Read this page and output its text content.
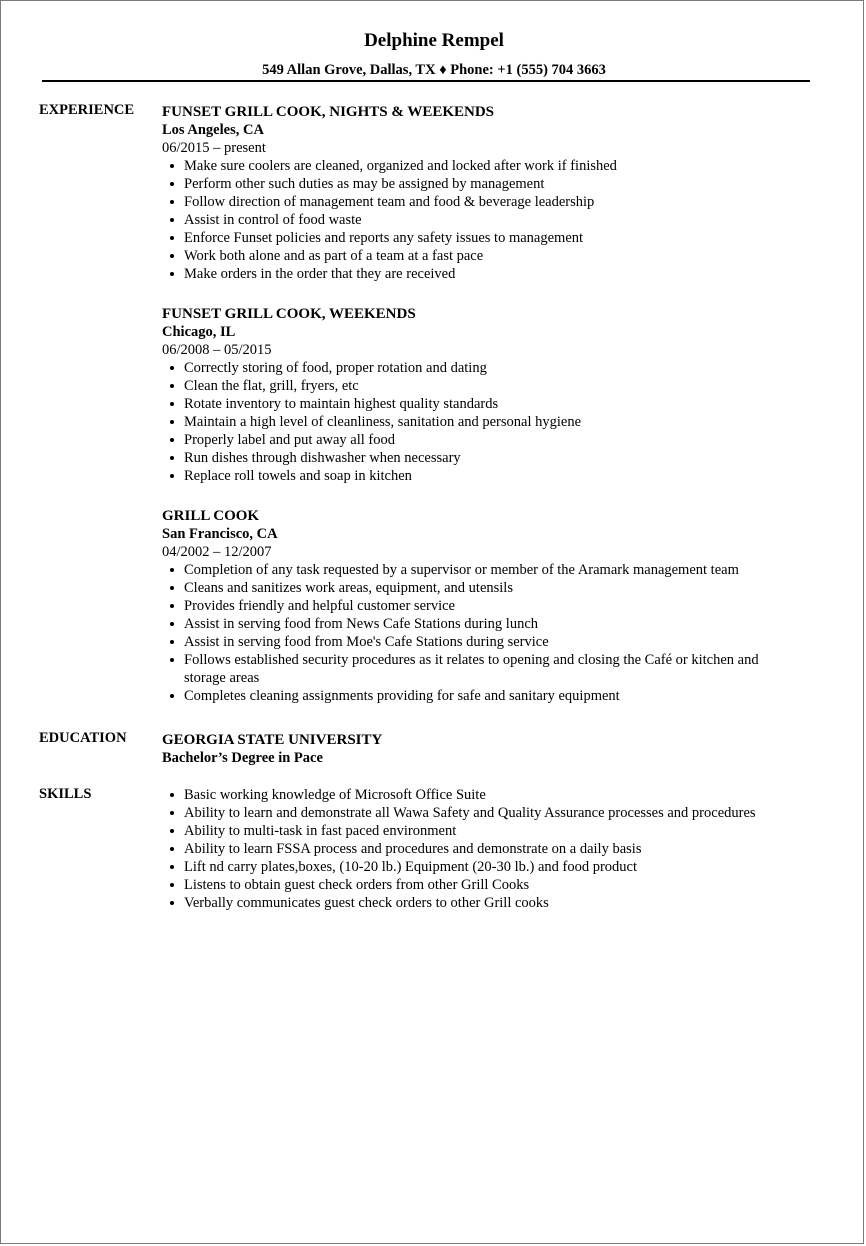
Delphine Rempel
549 Allan Grove, Dallas, TX ♦ Phone: +1 (555) 704 3663
EXPERIENCE FUNSET GRILL COOK, NIGHTS & WEEKENDS
Los Angeles, CA
06/2015 – present
Make sure coolers are cleaned, organized and locked after work if finished
Perform other such duties as may be assigned by management
Follow direction of management team and food & beverage leadership
Assist in control of food waste
Enforce Funset policies and reports any safety issues to management
Work both alone and as part of a team at a fast pace
Make orders in the order that they are received
FUNSET GRILL COOK, WEEKENDS
Chicago, IL
06/2008 – 05/2015
Correctly storing of food, proper rotation and dating
Clean the flat, grill, fryers, etc
Rotate inventory to maintain highest quality standards
Maintain a high level of cleanliness, sanitation and personal hygiene
Properly label and put away all food
Run dishes through dishwasher when necessary
Replace roll towels and soap in kitchen
GRILL COOK
San Francisco, CA
04/2002 – 12/2007
Completion of any task requested by a supervisor or member of the Aramark management team
Cleans and sanitizes work areas, equipment, and utensils
Provides friendly and helpful customer service
Assist in serving food from News Cafe Stations during lunch
Assist in serving food from Moe's Cafe Stations during service
Follows established security procedures as it relates to opening and closing the Café or kitchen and storage areas
Completes cleaning assignments providing for safe and sanitary equipment
EDUCATION GEORGIA STATE UNIVERSITY
Bachelor’s Degree in Pace
SKILLS	Basic working knowledge of Microsoft Office Suite
Ability to learn and demonstrate all Wawa Safety and Quality Assurance processes and procedures
Ability to multi-task in fast paced environment
Ability to learn FSSA process and procedures and demonstrate on a daily basis
Lift nd carry plates,boxes, (10-20 lb.) Equipment (20-30 lb.) and food product
Listens to obtain guest check orders from other Grill Cooks
Verbally communicates guest check orders to other Grill cooks
